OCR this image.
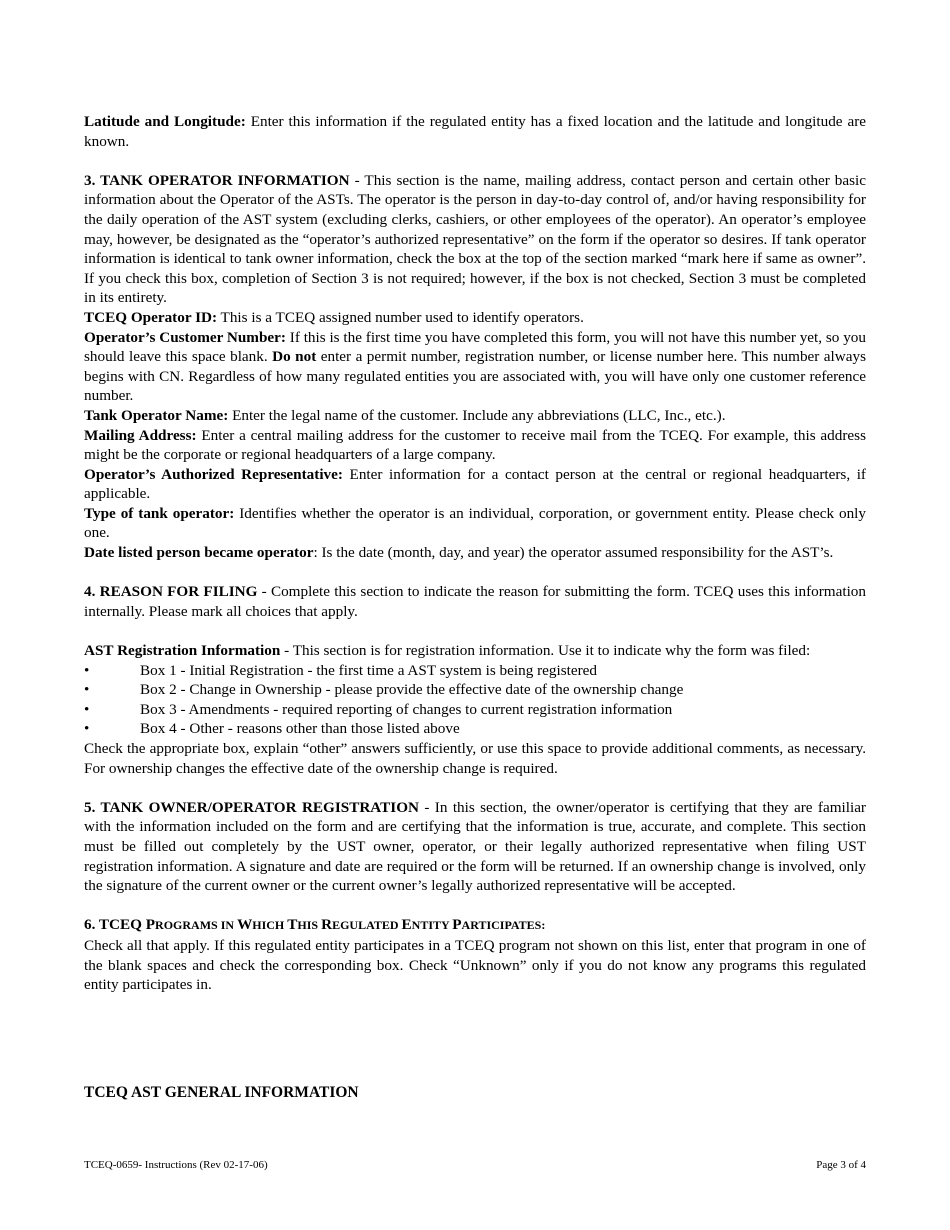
Latitude and Longitude: Enter this information if the regulated entity has a fixed location and the latitude and longitude are known.

3. TANK OPERATOR INFORMATION - This section is the name, mailing address, contact person and certain other basic information about the Operator of the ASTs. The operator is the person in day-to-day control of, and/or having responsibility for the daily operation of the AST system (excluding clerks, cashiers, or other employees of the operator). An operator’s employee may, however, be designated as the “operator’s authorized representative” on the form if the operator so desires. If tank operator information is identical to tank owner information, check the box at the top of the section marked “mark here if same as owner”. If you check this box, completion of Section 3 is not required; however, if the box is not checked, Section 3 must be completed in its entirety.

TCEQ Operator ID: This is a TCEQ assigned number used to identify operators.

Operator’s Customer Number: If this is the first time you have completed this form, you will not have this number yet, so you should leave this space blank. Do not enter a permit number, registration number, or license number here. This number always begins with CN. Regardless of how many regulated entities you are associated with, you will have only one customer reference number.

Tank Operator Name: Enter the legal name of the customer. Include any abbreviations (LLC, Inc., etc.).

Mailing Address: Enter a central mailing address for the customer to receive mail from the TCEQ. For example, this address might be the corporate or regional headquarters of a large company.

Operator’s Authorized Representative: Enter information for a contact person at the central or regional headquarters, if applicable.

Type of tank operator: Identifies whether the operator is an individual, corporation, or government entity. Please check only one.

Date listed person became operator: Is the date (month, day, and year) the operator assumed responsibility for the AST’s.

4. REASON FOR FILING - Complete this section to indicate the reason for submitting the form. TCEQ uses this information internally. Please mark all choices that apply.

AST Registration Information - This section is for registration information. Use it to indicate why the form was filed:

•	Box 1 - Initial Registration - the first time a AST system is being registered
•	Box 2 - Change in Ownership - please provide the effective date of the ownership change
•	Box 3 - Amendments - required reporting of changes to current registration information
•	Box 4 - Other - reasons other than those listed above

Check the appropriate box, explain “other” answers sufficiently, or use this space to provide additional comments, as necessary. For ownership changes the effective date of the ownership change is required.

5. TANK OWNER/OPERATOR REGISTRATION - In this section, the owner/operator is certifying that they are familiar with the information included on the form and are certifying that the information is true, accurate, and complete. This section must be filled out completely by the UST owner, operator, or their legally authorized representative when filing UST registration information. A signature and date are required or the form will be returned. If an ownership change is involved, only the signature of the current owner or the current owner’s legally authorized representative will be accepted.

6. TCEQ PROGRAMS IN WHICH THIS REGULATED ENTITY PARTICIPATES:

Check all that apply. If this regulated entity participates in a TCEQ program not shown on this list, enter that program in one of the blank spaces and check the corresponding box. Check “Unknown” only if you do not know any programs this regulated entity participates in.

TCEQ AST GENERAL INFORMATION
TCEQ-0659- Instructions (Rev 02-17-06)	Page 3 of 4
